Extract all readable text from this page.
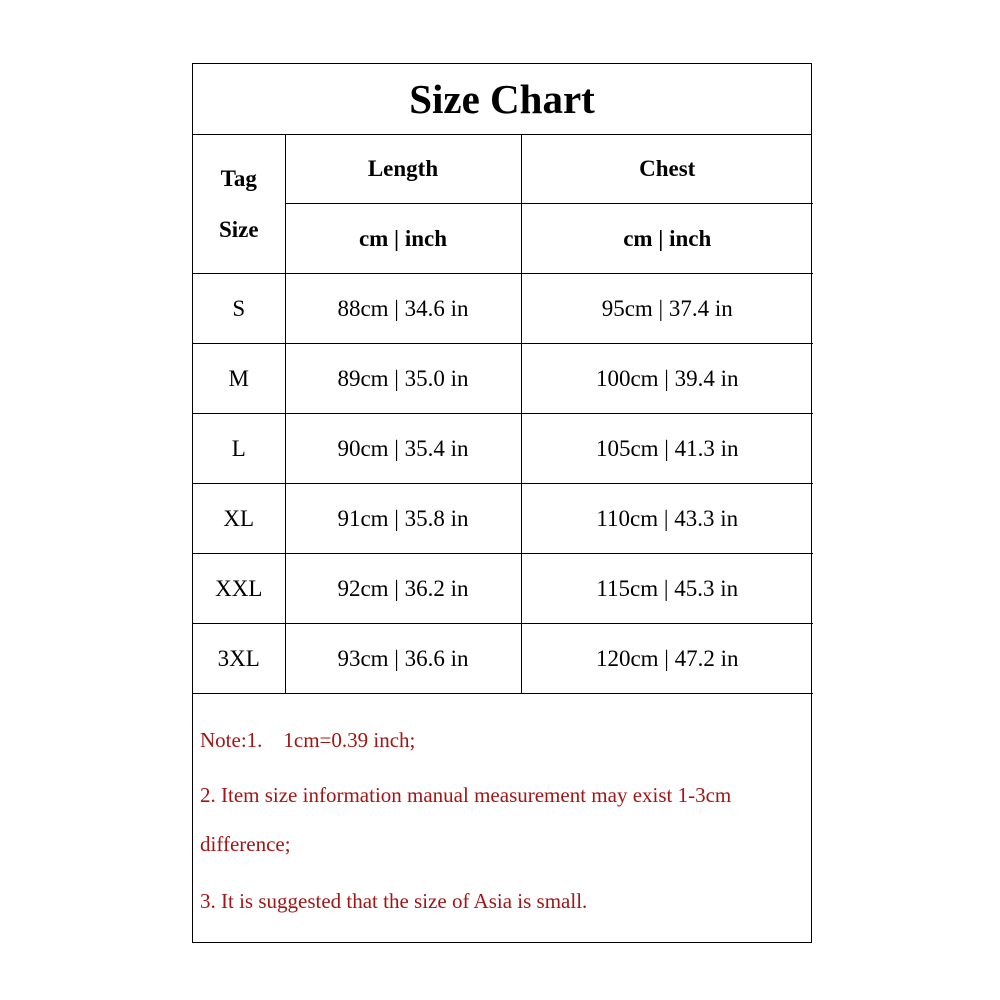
Size Chart
Tag
Size	Length	Chest
	cm | inch	cm | inch
S	88cm | 34.6 in	95cm | 37.4 in
M	89cm | 35.0 in	100cm | 39.4 in
L	90cm | 35.4 in	105cm | 41.3 in
XL	91cm | 35.8 in	110cm | 43.3 in
XXL	92cm | 36.2 in	115cm | 45.3 in
3XL	93cm | 36.6 in	120cm | 47.2 in
Note:1.    1cm=0.39 inch;
2. Item size information manual measurement may exist 1-3cm
difference;
3. It is suggested that the size of Asia is small.
